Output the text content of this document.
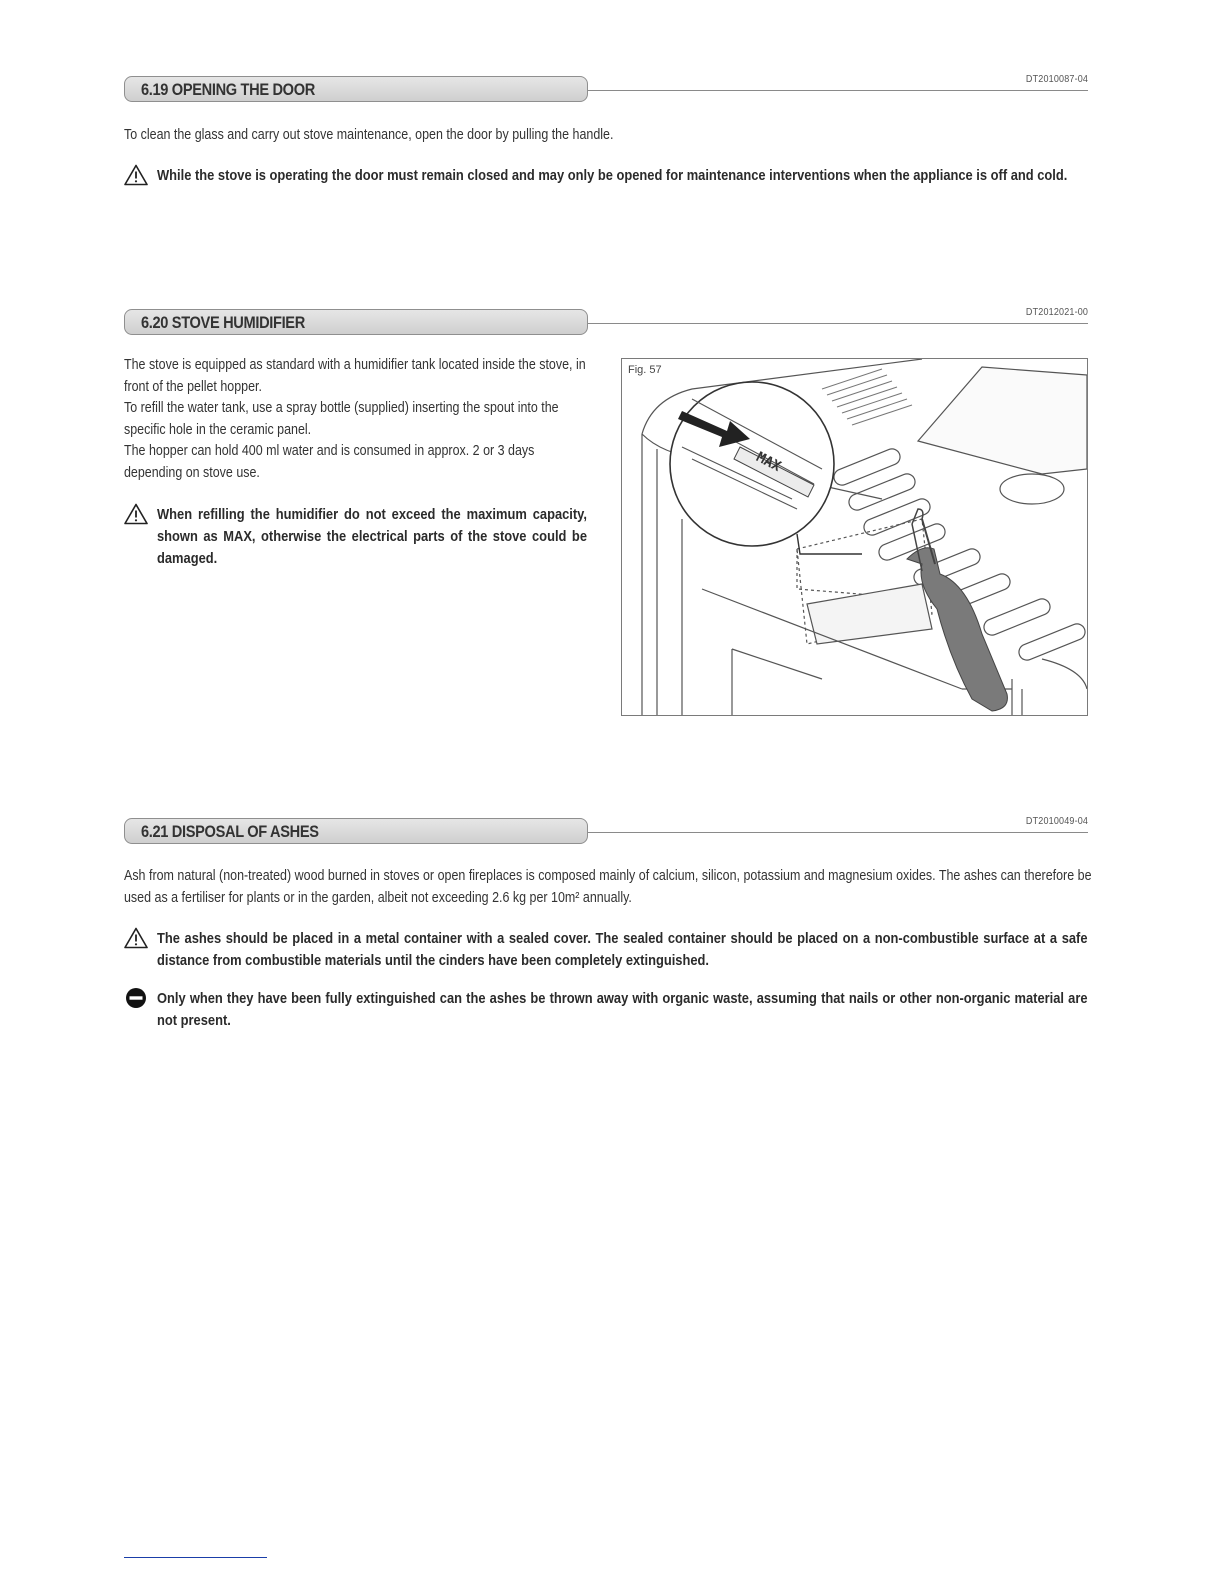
6.19 OPENING THE DOOR
DT2010087-04

To clean the glass and carry out stove maintenance, open the door by pulling the handle.

While the stove is operating the door must remain closed and may only be opened for maintenance interventions when the appliance is off and cold.

6.20 STOVE HUMIDIFIER
DT2012021-00

The stove is equipped as standard with a humidifier tank located inside the stove, in front of the pellet hopper.

To refill the water tank, use a spray bottle (supplied) inserting the spout into the specific hole in the ceramic panel.

The hopper can hold 400 ml water and is consumed in approx. 2 or 3 days depending on stove use.

When refilling the humidifier do not exceed the maximum capacity, shown as MAX, otherwise the electrical parts of the stove could be damaged.

Fig. 57
MAX
6.21 DISPOSAL OF ASHES
DT2010049-04

Ash from natural (non-treated) wood burned in stoves or open fireplaces is composed mainly of calcium, silicon, potassium and magnesium oxides. The ashes can therefore be used as a fertiliser for plants or in the garden, albeit not exceeding 2.6 kg per 10m² annually.

The ashes should be placed in a metal container with a sealed cover. The sealed container should be placed on a non-combustible surface at a safe distance from combustible materials until the cinders have been completely extinguished.

Only when they have been fully extinguished can the ashes be thrown away with organic waste, assuming that nails or other non-organic material are not present.
